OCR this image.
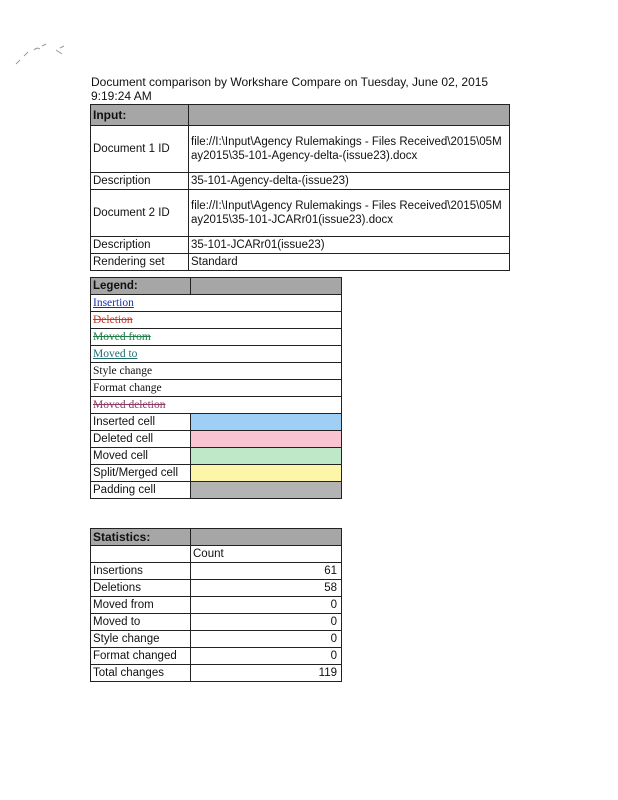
Document comparison by Workshare Compare on Tuesday, June 02, 2015
9:19:24 AM
Input:	
Document 1 ID	file://I:\Input\Agency Rulemakings - Files Received\2015\05May2015\35-101-Agency-delta-(issue23).docx
Description	35-101-Agency-delta-(issue23)
Document 2 ID	file://I:\Input\Agency Rulemakings - Files Received\2015\05May2015\35-101-JCARr01(issue23).docx
Description	35-101-JCARr01(issue23)
Rendering set	Standard
Legend:	
Insertion	
Deletion	
Moved from	
Moved to	
Style change	
Format change	
Moved deletion	
Inserted cell	
Deleted cell	
Moved cell	
Split/Merged cell	
Padding cell	
Statistics:	
	Count
Insertions	61
Deletions	58
Moved from	0
Moved to	0
Style change	0
Format changed	0
Total changes	119
